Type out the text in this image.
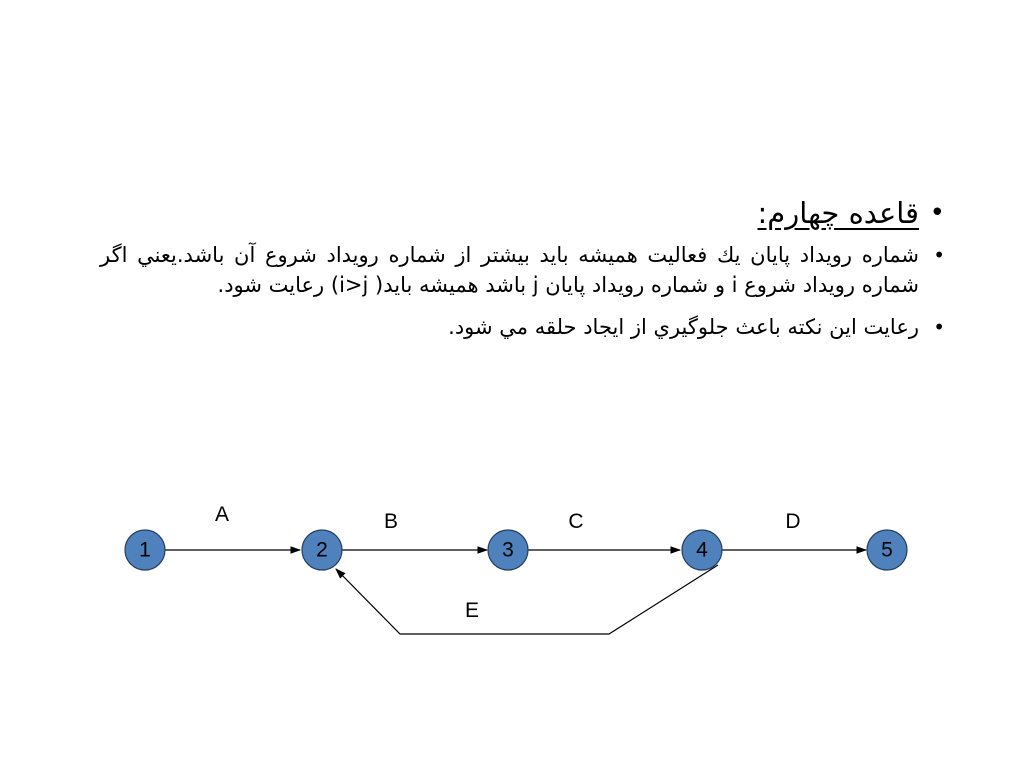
•
قاعده چهارم:
•
شماره رویداد پایان يك فعاليت هميشه بايد بيشتر از شماره رویداد شروع آن باشد.يعني اگر شماره رویداد شروع i و شماره رویداد پایان j باشد هميشه بايد( i>j) رعايت شود.
•
رعايت اين نكته باعث جلوگيري از ايجاد حلقه مي شود.
A	B	C	D
E
1	2	3	4	5
